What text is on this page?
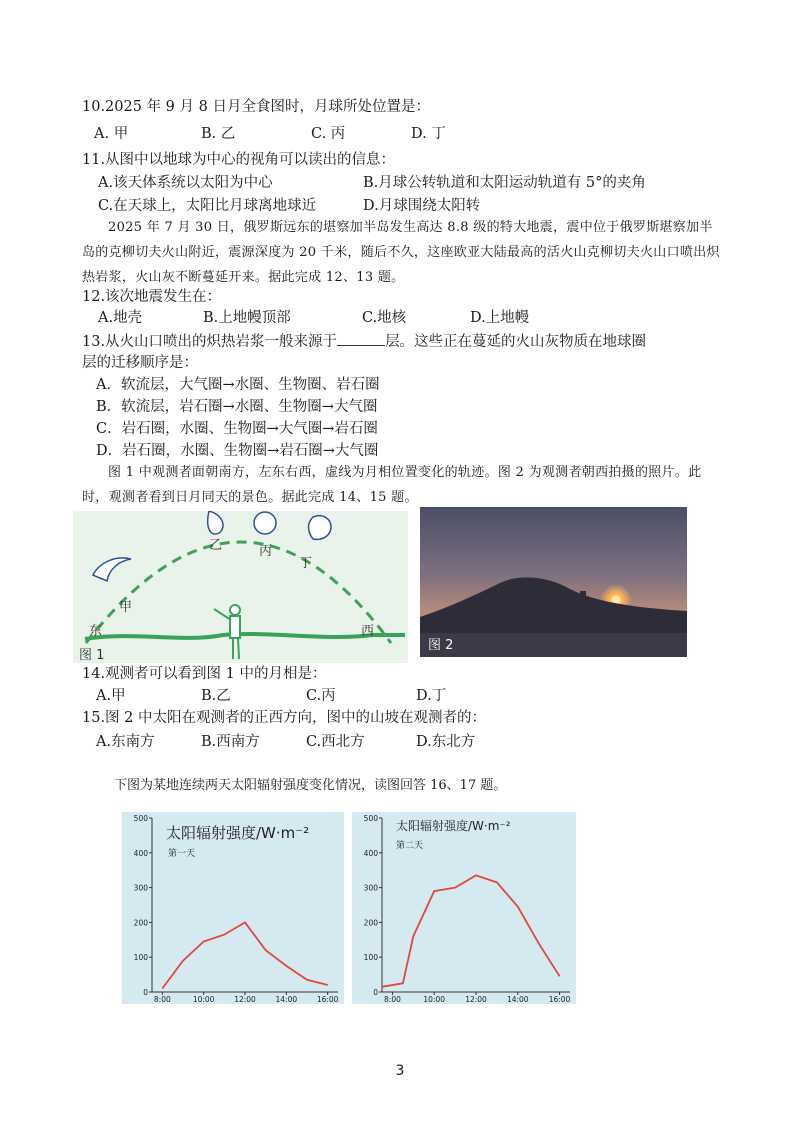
10.2025 年 9 月 8 日月全食图时，月球所处位置是：
A. 甲	B. 乙	C. 丙	D. 丁
11.从图中以地球为中心的视角可以读出的信息：
A.该天体系统以太阳为中心	B.月球公转轨道和太阳运动轨道有 5°的夹角
C.在天球上，太阳比月球离地球近	D.月球围绕太阳转
2025 年 7 月 30 日，俄罗斯远东的堪察加半岛发生高达 8.8 级的特大地震，震中位于俄罗斯堪察加半岛的克柳切夫火山附近，震源深度为 20 千米，随后不久，这座欧亚大陆最高的活火山克柳切夫火山口喷出炽热岩浆，火山灰不断蔓延开来。据此完成 12、13 题。
12.该次地震发生在：
A.地壳	B.上地幔顶部	C.地核	D.上地幔
13.从火山口喷出的炽热岩浆一般来源于	层。这些正在蔓延的火山灰物质在地球圈
层的迁移顺序是：
A．软流层，大气圈→水圈、生物圈、岩石圈
B．软流层，岩石圈→水圈、生物圈→大气圈
C．岩石圈，水圈、生物圈→大气圈→岩石圈
D．岩石圈，水圈、生物圈→岩石圈→大气圈
图 1 中观测者面朝南方，左东右西，虚线为月相位置变化的轨迹。图 2 为观测者朝西拍摄的照片。此时，观测者看到日月同天的景色。据此完成 14、15 题。
乙	丙
丁
甲
东	西
图 1
图 2
14.观测者可以看到图 1 中的月相是：
A.甲	B.乙	C.丙	D.丁
15.图 2 中太阳在观测者的正西方向，图中的山坡在观测者的：
A.东南方	B.西南方	C.西北方	D.东北方
下图为某地连续两天太阳辐射强度变化情况，读图回答 16、17 题。
太阳辐射强度/W·m⁻²
第一天
0
100
200
300
400
500
8:00	10:00	12:00	14:00	16:00
太阳辐射强度/W·m⁻²
第二天
0
100
200
300
400
500
8:00	10:00	12:00	14:00	16:00
3
